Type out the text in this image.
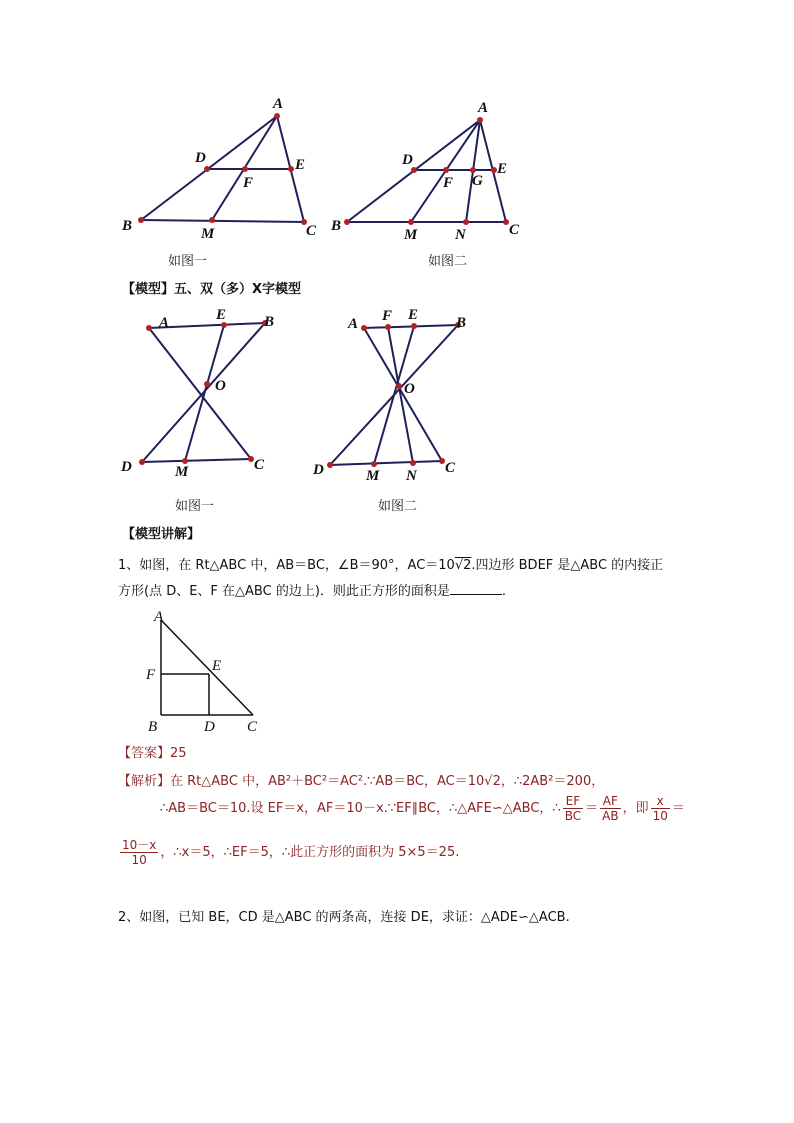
A
B	C
D	E
F
M
如图一
A
B	C
D
E
F G
M	N
如图二
【模型】五、双（多）X字模型
A	E	B
O
D	M	C
如图一
A F E	B
O
D	M N C
如图二
【模型讲解】
1、如图，在 Rt△ABC 中，AB＝BC，∠B＝90°，AC＝10√2.四边形 BDEF 是△ABC 的内接正
方形(点 D、E、F 在△ABC 的边上)．则此正方形的面积是	.
A
F
E
B	D C
【答案】25
【解析】在 Rt△ABC 中，AB²＋BC²＝AC².∵AB＝BC，AC＝10√2，∴2AB²＝200，
∴AB＝BC＝10.设 EF＝x，AF＝10－x.∵EF∥BC，∴△AFE∽△ABC，∴ $\frac{EF}{BC} = \frac{AF}{AB}$ ，即 $\frac{x}{10}$ ＝
$\frac{10-x}{10}$ ，∴x＝5，∴EF＝5，∴此正方形的面积为 5×5＝25.
2、如图，已知 BE，CD 是△ABC 的两条高，连接 DE，求证：△ADE∽△ACB.
